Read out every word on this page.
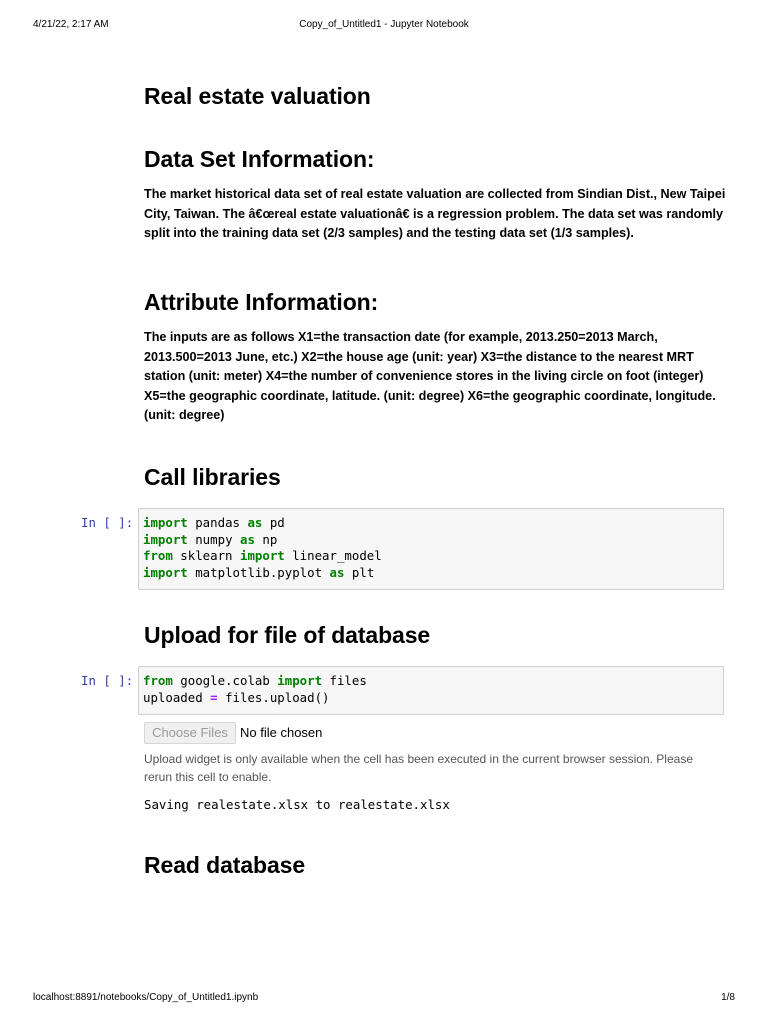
4/21/22, 2:17 AM	Copy_of_Untitled1 - Jupyter Notebook
Real estate valuation
Data Set Information:

The market historical data set of real estate valuation are collected from Sindian Dist., New Taipei City, Taiwan. The â€œreal estate valuationâ€ is a regression problem. The data set was randomly split into the training data set (2/3 samples) and the testing data set (1/3 samples).

Attribute Information:

The inputs are as follows X1=the transaction date (for example, 2013.250=2013 March, 2013.500=2013 June, etc.) X2=the house age (unit: year) X3=the distance to the nearest MRT station (unit: meter) X4=the number of convenience stores in the living circle on foot (integer) X5=the geographic coordinate, latitude. (unit: degree) X6=the geographic coordinate, longitude. (unit: degree)

Call libraries
In [ ]: import pandas as pd
import numpy as np
from sklearn import linear_model
import matplotlib.pyplot as plt
Upload for file of database
In [ ]: from google.colab import files
uploaded = files.upload()
Choose Files No file chosen
Upload widget is only available when the cell has been executed in the current browser session. Please rerun this cell to enable.
Saving realestate.xlsx to realestate.xlsx
Read database
localhost:8891/notebooks/Copy_of_Untitled1.ipynb	1/8
